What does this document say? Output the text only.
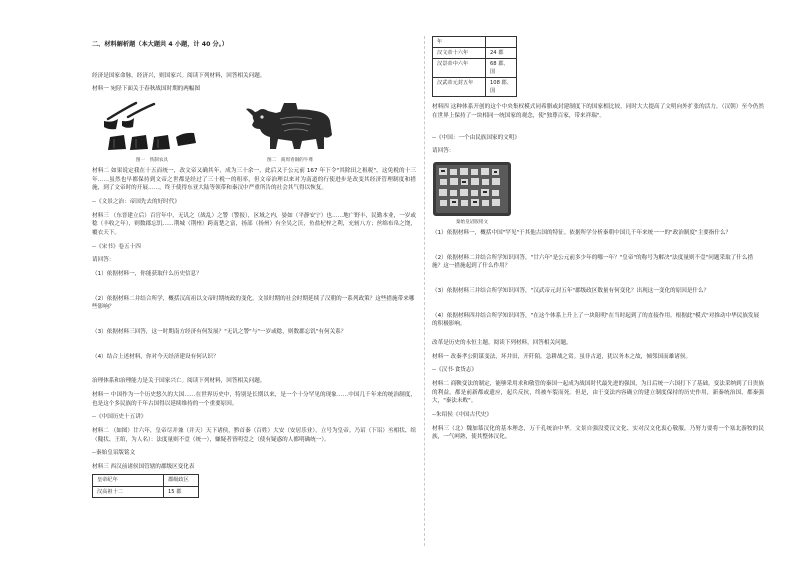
二、材料解析题（本大题共 4 小题，计 40 分。）

经济是国家命脉，经济兴，则国家兴。阅读下列材料，回答相关问题。

材料一 宛陉下面关于春秋战国时期的两幅图

图一　铁制农具	图二　商周青铜的牛尊

材料二 如果说定我在十五而统一，改文帝又确其年，成为三十余一，此后又于公元前 167 年下令"其除田之租税"，这免税的十三年……虽然也早都保持到文帝之世都是经过了三十税一的租率，但文帝治理以来对为南道的行使进步是改变其经济管理制度和措施，到了文帝时的开展……，终于使得东亚大陆等领带和秦汉中严重所告的社会其气得以恢复。

--《文景之治：帝国先去的好时代》

材料三 （东晋建立后）百官年中，无讥之（战乱）之警（警报），区域之内，晏如（平静安宁）也……地广野丰，民勤本业，一岁或稔（丰收之年），则数郡忘饥……荆城（荆州）跨南楚之富，扬部（扬州）有全吴之沃，鱼盐杞梓之利，充轫八方；丝绵布帛之饶，覆衣天下。

--《宋书》卷五十四

请回答：

（1）依据材料一，你能获取什么历史信息？

（2）依据材料二并结合所学，概括汉高祖以文帝时期统政的变化。文景时期的社会时期延续了汉朝的一系列政策？这些措施带来哪些影响？

（3）依据材料三回答，这一时期南方经济有何发展？"无讥之警"与"一岁或稔，则数郡忘饥"有何关系？

（4）结合上述材料，你对今天经济建设有何认识？

治理体系和治理能力是关于国家兴亡。阅读下列材料，回答相关问题。

材料一 中国作为一个历史悠久的大国……在世界历史中，特别是长期以来，是一个十分罕见的现象……中国几千年来的统治制度，也是这个多民族的千年古国得以延续维持的一个重要原因。

--《中国历史十五讲》

材料二 （如图）廿六年，皇帝尽并兼（并天）天下诸侯，黔首秦（百姓）大安（安居乐业），立号为皇帝。乃诏（下诏）丞相状、绾（隗状、王绾，为人名）：法度量则不壹（统一），嫌疑者皆明壹之（使有疑惑的人都明确统一）。

--秦始皇诏版铭文

材料三 西汉前诸侯国管辖的郡级区变化表

皇帝纪年	郡级政区
汉高祖十二	15 郡
年	
汉文帝十六年	24 郡
汉景帝中六年	68 郡、国
汉武帝元封五年	108 郡、国

材料四 这种体系开创的这个中央集权模式同希腊或封建制度下的国家相比较，同时大大提高了文明向外扩张的活力。（汉朝）至今仍然在世界上保持了一块相同一统国家的观念，使"独尊百家，带来祥瑞"。

--《中国：一个由民族国家的文明》

请回答：

秦始皇诏版铭文

（1）依据材料一，概括中国"罕见"于其他古国的特征。依据所学分析秦朝中国几千年来统一一的"政治制度"主要指什么？

（2）依据材料二并结合所学知识回答，"廿六年"是公元前多少年的哪一年？"皇帝"的称号为解决"法度量则不壹"问题采取了什么措施？这一措施起到了什么作用？

（3）依据材料三并结合所学知识回答，"汉武帝元封五年"郡级政区数量有何变化？出现这一变化的原因是什么？

（4）依据材料四并结合所学知识回答，"在这个体系上升上了一块阻明"在当时起到了的直接作用。根据此"模式"对推动中华民族发展的积极影响。

改革是历史的永恒主题。阅读下列材料，回答相关问题。

材料一 改秦孝公阴谋变法，坏井田，开阡陌，急耕战之赏。虽非古道，犹以务本之故，倾邻国而雄诸侯。

--《汉书·食货志》

材料二 商鞅变法的制定，能够采用求和敬管的秦国一起成为战国时代最先进的强国，为日后统一六国打下了基础。变法采纳到了日贵族的利益，都是前新都或遗应，起兵反抗，终被车裂而死。但是，由于变法内容确立的建立制度保持的历史作用，新秦统治国，都秦强大，"秦法未败"。

--朱绍侯《中国古代史》

材料三（北）魏加慕汉化的基本理念，万千孔统治中华。文景自强没爱汉文化、实对汉文化衷心敬服，乃努力要将一个塞北游牧的民族，一气呵熟，使其整体汉化。
